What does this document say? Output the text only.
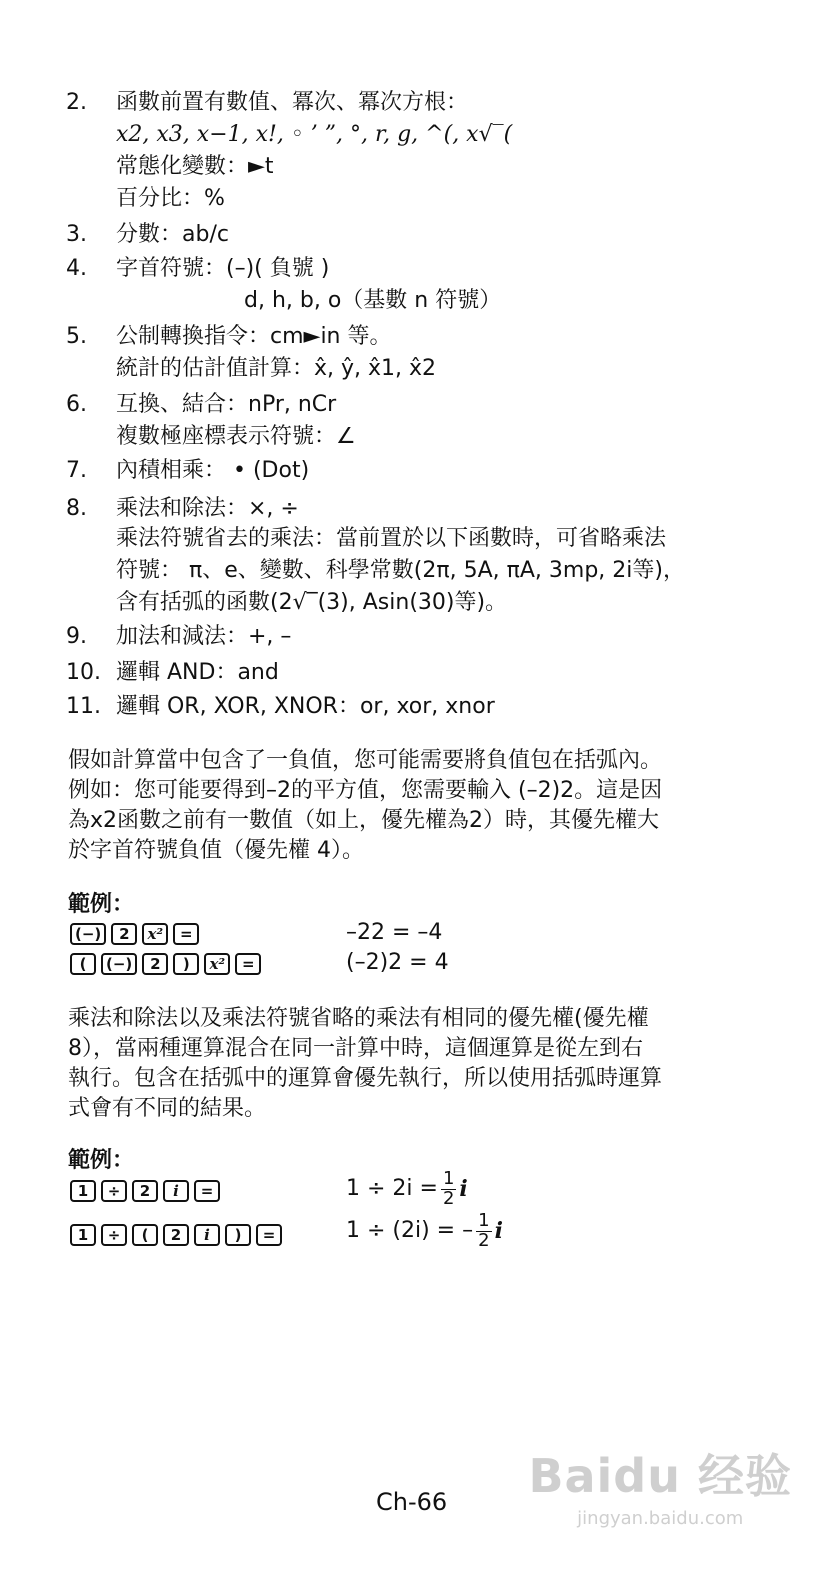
2.	函數前置有數值、冪次、冪次方根：
x2, x3, x−1, x!, ◦ ’ ”, °, r, g, ^(, x√‾(
常態化變數：►t
百分比：%
3.	分數：ab/c
4.	字首符號：(–)( 負號 )
d, h, b, o（基數 n 符號）
5.	公制轉換指令：cm►in 等。
統計的估計值計算：x̂, ŷ, x̂1, x̂2
6.	互換、結合：nPr, nCr
複數極座標表示符號：∠
7.	內積相乘： • (Dot)
8.	乘法和除法：×, ÷
乘法符號省去的乘法：當前置於以下函數時，可省略乘法
符號： π、e、變數、科學常數(2π, 5A, πA, 3mp, 2i等)，
含有括弧的函數(2√‾(3), Asin(30)等)。
9.	加法和減法：+, –
10. 邏輯 AND：and
11. 邏輯 OR, XOR, XNOR：or, xor, xnor

假如計算當中包含了一負值，您可能需要將負值包在括弧內。

例如：您可能要得到–2的平方值，您需要輸入 (–2)2。這是因

為x2函數之前有一數值（如上，優先權為2）時，其優先權大

於字首符號負值（優先權 4）。

範例：
(−)	2	x²	=	–22 = –4
(	(−)	2	)	x²	=	(–2)2 = 4

乘法和除法以及乘法符號省略的乘法有相同的優先權(優先權

8），當兩種運算混合在同一計算中時，這個運算是從左到右

執行。包含在括弧中的運算會優先執行，所以使用括弧時運算

式會有不同的結果。

範例：
1	÷	2	i	=	$1 \div 2i = \frac{1}{2}$ i
1	÷	(	2	i	)	=	1 ÷ (2i) = – $\frac{1}{2}$ i
Ch-66 Baidu 经验
jingyan.baidu.com
